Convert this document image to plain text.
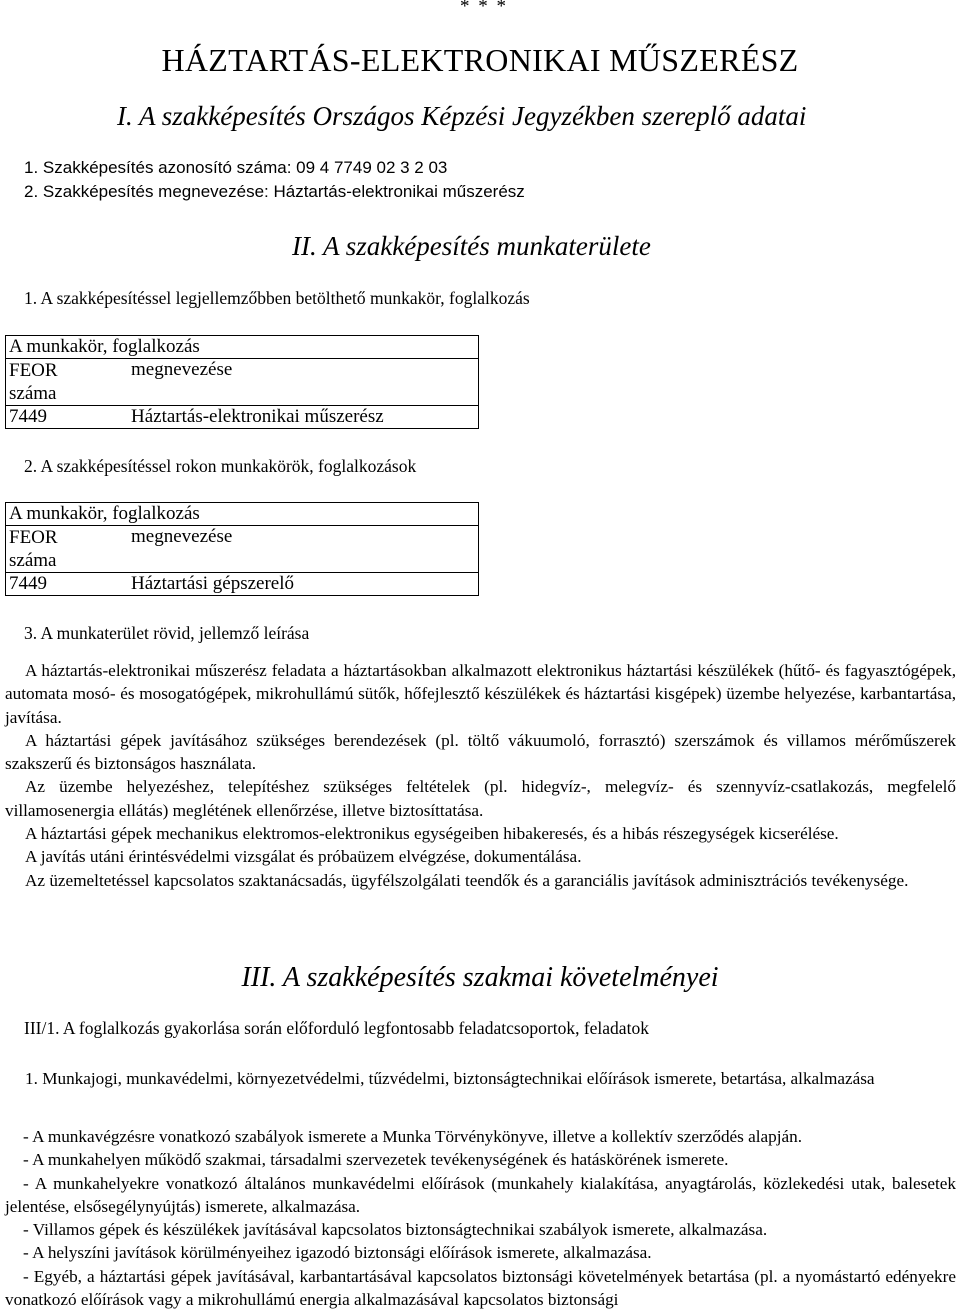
* * *
HÁZTARTÁS-ELEKTRONIKAI MŰSZERÉSZ
I. A szakképesítés Országos Képzési Jegyzékben szereplő adatai
1. Szakképesítés azonosító száma: 09 4 7749 02 3 2 03
2. Szakképesítés megnevezése: Háztartás-elektronikai műszerész
II. A szakképesítés munkaterülete
1. A szakképesítéssel legjellemzőbben betölthető munkakör, foglalkozás
A munkakör, foglalkozás	
FEOR
száma	megnevezése
7449	Háztartás-elektronikai műszerész
2. A szakképesítéssel rokon munkakörök, foglalkozások
A munkakör, foglalkozás	
FEOR
száma	megnevezése
7449	Háztartási gépszerelő
3. A munkaterület rövid, jellemző leírása
A háztartás-elektronikai műszerész feladata a háztartásokban alkalmazott elektronikus háztartási készülékek (hűtő- és fagyasztógépek, automata mosó- és mosogatógépek, mikrohullámú sütők, hőfejlesztő készülékek és háztartási kisgépek) üzembe helyezése, karbantartása, javítása.
A háztartási gépek javításához szükséges berendezések (pl. töltő vákuumoló, forrasztó) szerszámok és villamos mérőműszerek szakszerű és biztonságos használata.
Az üzembe helyezéshez, telepítéshez szükséges feltételek (pl. hidegvíz-, melegvíz- és szennyvíz-csatlakozás, megfelelő villamosenergia ellátás) meglétének ellenőrzése, illetve biztosíttatása.
A háztartási gépek mechanikus elektromos-elektronikus egységeiben hibakeresés, és a hibás részegységek kicserélése.
A javítás utáni érintésvédelmi vizsgálat és próbaüzem elvégzése, dokumentálása.
Az üzemeltetéssel kapcsolatos szaktanácsadás, ügyfélszolgálati teendők és a garanciális javítások adminisztrációs tevékenysége.
III. A szakképesítés szakmai követelményei
III/1. A foglalkozás gyakorlása során előforduló legfontosabb feladatcsoportok, feladatok
1. Munkajogi, munkavédelmi, környezetvédelmi, tűzvédelmi, biztonságtechnikai előírások ismerete, betartása, alkalmazása
- A munkavégzésre vonatkozó szabályok ismerete a Munka Törvénykönyve, illetve a kollektív szerződés alapján.
- A munkahelyen működő szakmai, társadalmi szervezetek tevékenységének és hatáskörének ismerete.
- A munkahelyekre vonatkozó általános munkavédelmi előírások (munkahely kialakítása, anyagtárolás, közlekedési utak, balesetek jelentése, elsősegélynyújtás) ismerete, alkalmazása.
- Villamos gépek és készülékek javításával kapcsolatos biztonságtechnikai szabályok ismerete, alkalmazása.
- A helyszíni javítások körülményeihez igazodó biztonsági előírások ismerete, alkalmazása.
- Egyéb, a háztartási gépek javításával, karbantartásával kapcsolatos biztonsági követelmények betartása (pl. a nyomástartó edényekre vonatkozó előírások vagy a mikrohullámú energia alkalmazásával kapcsolatos biztonsági
